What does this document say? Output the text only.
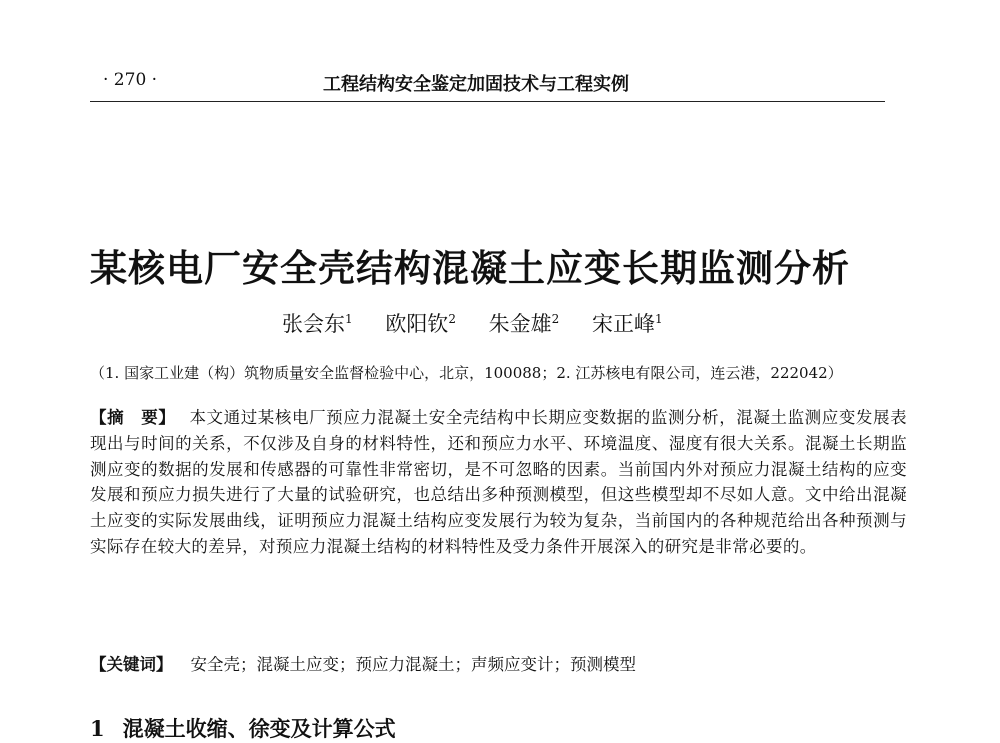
· 270 ·	工程结构安全鉴定加固技术与工程实例
某核电厂安全壳结构混凝土应变长期监测分析
张会东$^1$ 欧阳钦$^2$ 朱金雄$^2$ 宋正峰$^1$
（1. 国家工业建（构）筑物质量安全监督检验中心，北京，100088；2. 江苏核电有限公司，连云港，222042）
【摘　要】 本文通过某核电厂预应力混凝土安全壳结构中长期应变数据的监测分析，混凝土监测应变发展表现出与时间的关系，不仅涉及自身的材料特性，还和预应力水平、环境温度、湿度有很大关系。混凝土长期监测应变的数据的发展和传感器的可靠性非常密切，是不可忽略的因素。当前国内外对预应力混凝土结构的应变发展和预应力损失进行了大量的试验研究，也总结出多种预测模型，但这些模型却不尽如人意。文中给出混凝土应变的实际发展曲线，证明预应力混凝土结构应变发展行为较为复杂，当前国内的各种规范给出各种预测与实际存在较大的差异，对预应力混凝土结构的材料特性及受力条件开展深入的研究是非常必要的。
【关键词】 安全壳；混凝土应变；预应力混凝土；声频应变计；预测模型
1 混凝土收缩、徐变及计算公式
